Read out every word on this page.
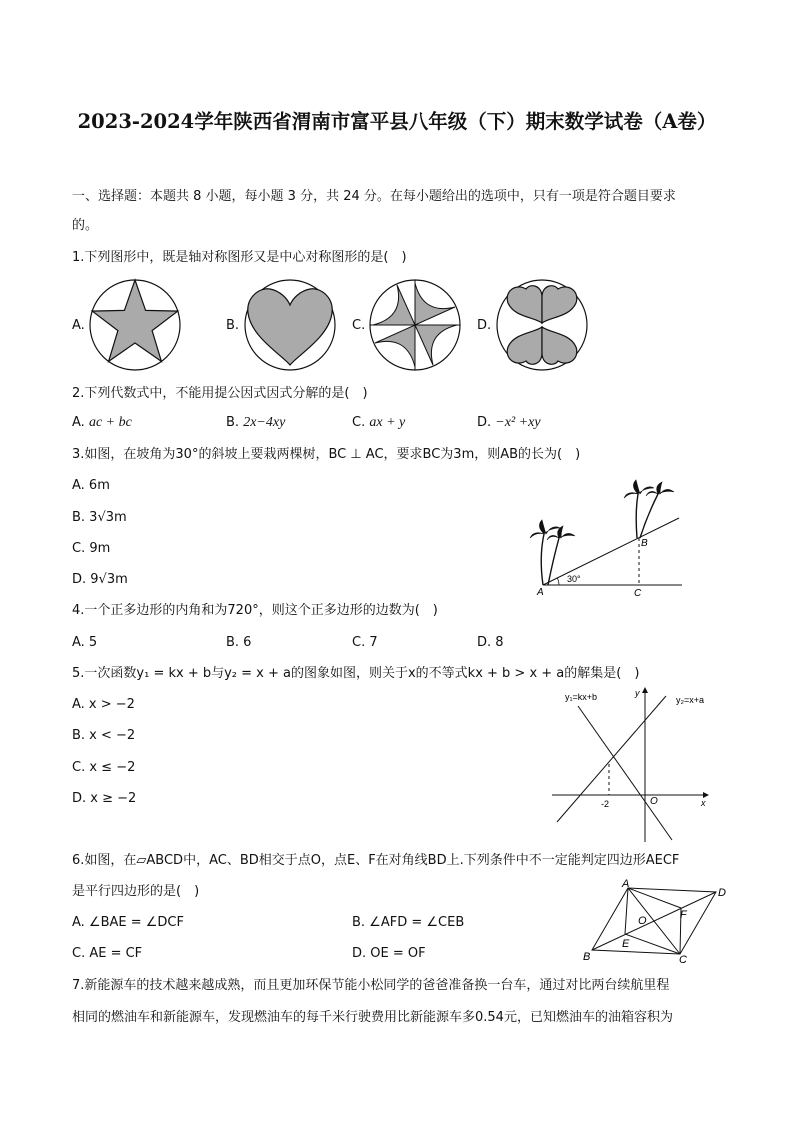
2023-2024学年陕西省渭南市富平县八年级（下）期末数学试卷（A卷）
一、选择题：本题共 8 小题，每小题 3 分，共 24 分。在每小题给出的选项中，只有一项是符合题目要求
的。
1.下列图形中，既是轴对称图形又是中心对称图形的是(　)
A.	B.	C.	D.
2.下列代数式中，不能用提公因式因式分解的是(　)
A. ac + bc	B. 2x−4xy	C. ax + y	D. −x² +xy
3.如图，在坡角为30°的斜坡上要栽两棵树，BC ⊥ AC，要求BC为3m，则AB的长为(　)
A. 6m
B. 3√3m
C. 9m
D. 9√3m	30°
A
B
C
4.一个正多边形的内角和为720°，则这个正多边形的边数为(　)
A. 5	B. 6	C. 7	D. 8
5.一次函数y₁ = kx + b与y₂ = x + a的图象如图，则关于x的不等式kx + b > x + a的解集是(　)
A. x > −2
B. x < −2
C. x ≤ −2
D. x ≥ −2
y₁=kx+b	y₂=x+a
y
x
O
-2
6.如图，在▱ABCD中，AC、BD相交于点O，点E、F在对角线BD上.下列条件中不一定能判定四边形AECF
是平行四边形的是(　)
A. ∠BAE = ∠DCF	B. ∠AFD = ∠CEB
C. AE = CF	D. OE = OF
A
B	C
D
E
F
O
7.新能源车的技术越来越成熟，而且更加环保节能小松同学的爸爸准备换一台车，通过对比两台续航里程
相同的燃油车和新能源车，发现燃油车的每千米行驶费用比新能源车多0.54元，已知燃油车的油箱容积为
